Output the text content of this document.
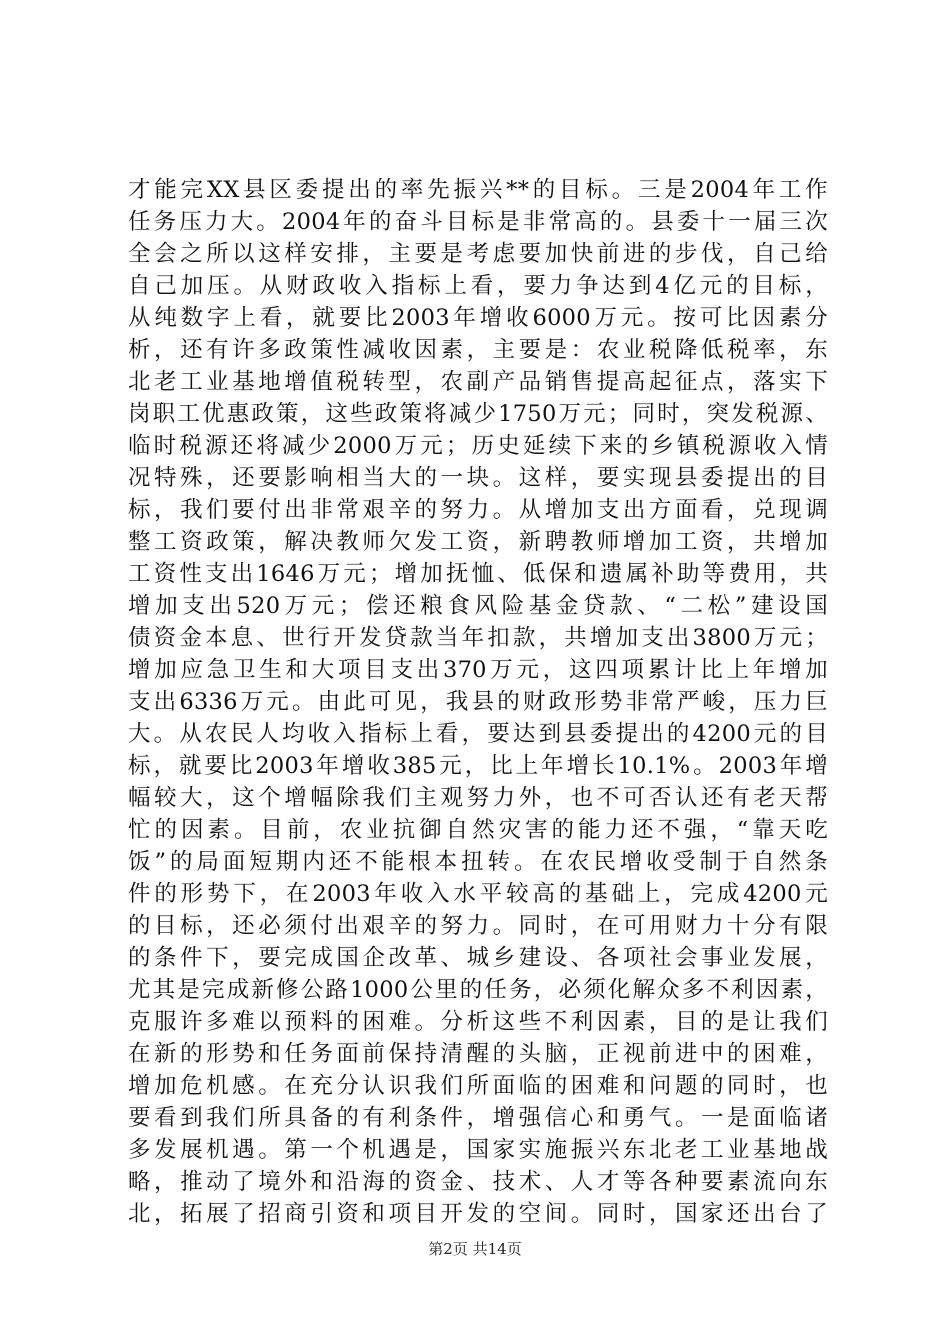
才能完XX县区委提出的率先振兴**的目标。三是2004年工作
任务压力大。2004年的奋斗目标是非常高的。县委十一届三次
全会之所以这样安排，主要是考虑要加快前进的步伐，自己给
自己加压。从财政收入指标上看，要力争达到4亿元的目标，
从纯数字上看，就要比2003年增收6000万元。按可比因素分
析，还有许多政策性减收因素，主要是：农业税降低税率，东
北老工业基地增值税转型，农副产品销售提高起征点，落实下
岗职工优惠政策，这些政策将减少1750万元；同时，突发税源、
临时税源还将减少2000万元；历史延续下来的乡镇税源收入情
况特殊，还要影响相当大的一块。这样，要实现县委提出的目
标，我们要付出非常艰辛的努力。从增加支出方面看，兑现调
整工资政策，解决教师欠发工资，新聘教师增加工资，共增加
工资性支出1646万元；增加抚恤、低保和遗属补助等费用，共
增加支出520万元；偿还粮食风险基金贷款、“二松”建设国
债资金本息、世行开发贷款当年扣款，共增加支出3800万元；
增加应急卫生和大项目支出370万元，这四项累计比上年增加
支出6336万元。由此可见，我县的财政形势非常严峻，压力巨
大。从农民人均收入指标上看，要达到县委提出的4200元的目
标，就要比2003年增收385元，比上年增长10.1%。2003年增
幅较大，这个增幅除我们主观努力外，也不可否认还有老天帮
忙的因素。目前，农业抗御自然灾害的能力还不强，“靠天吃
饭”的局面短期内还不能根本扭转。在农民增收受制于自然条
件的形势下，在2003年收入水平较高的基础上，完成4200元
的目标，还必须付出艰辛的努力。同时，在可用财力十分有限
的条件下，要完成国企改革、城乡建设、各项社会事业发展，
尤其是完成新修公路1000公里的任务，必须化解众多不利因素，
克服许多难以预料的困难。分析这些不利因素，目的是让我们
在新的形势和任务面前保持清醒的头脑，正视前进中的困难，
增加危机感。在充分认识我们所面临的困难和问题的同时，也
要看到我们所具备的有利条件，增强信心和勇气。一是面临诸
多发展机遇。第一个机遇是，国家实施振兴东北老工业基地战
略，推动了境外和沿海的资金、技术、人才等各种要素流向东
北，拓展了招商引资和项目开发的空间。同时，国家还出台了
第2页 共14页
